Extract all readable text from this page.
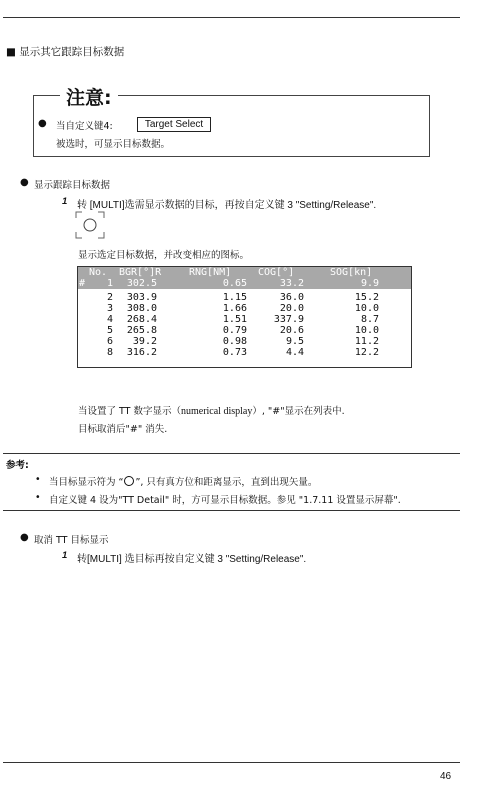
■ 显示其它跟踪目标数据
注意:
● 当自定义键4:	Target Select
被选时，可显示目标数据。
● 显示跟踪目标数据
1 转 [MULTI]选需显示数据的目标，再按自定义键 3 "Setting/Release".
显示选定目标数据，并改变相应的图标。
No. BGR[°]R	RNG[NM]	COG[°]	SOG[kn]
#	1	302.5	0.65	33.2	9.9
2	303.9	1.15	36.0	15.2
3	308.0	1.66	20.0	10.0
4	268.4	1.51	337.9	8.7
5	265.8	0.79	20.6	10.0
6	39.2	0.98	9.5	11.2
8	316.2	0.73	4.4	12.2
当设置了 TT 数字显示（numerical display）, "#"显示在列表中.
目标取消后"#" 消失.
参考:
• 当目标显示符为 “ ”, 只有真方位和距离显示，直到出现矢量。
• 自定义键 4 设为"TT Detail" 时，方可显示目标数据。参见 "1.7.11 设置显示屏幕".
● 取消 TT 目标显示
1 转[MULTI] 选目标再按自定义键 3 "Setting/Release".
46
